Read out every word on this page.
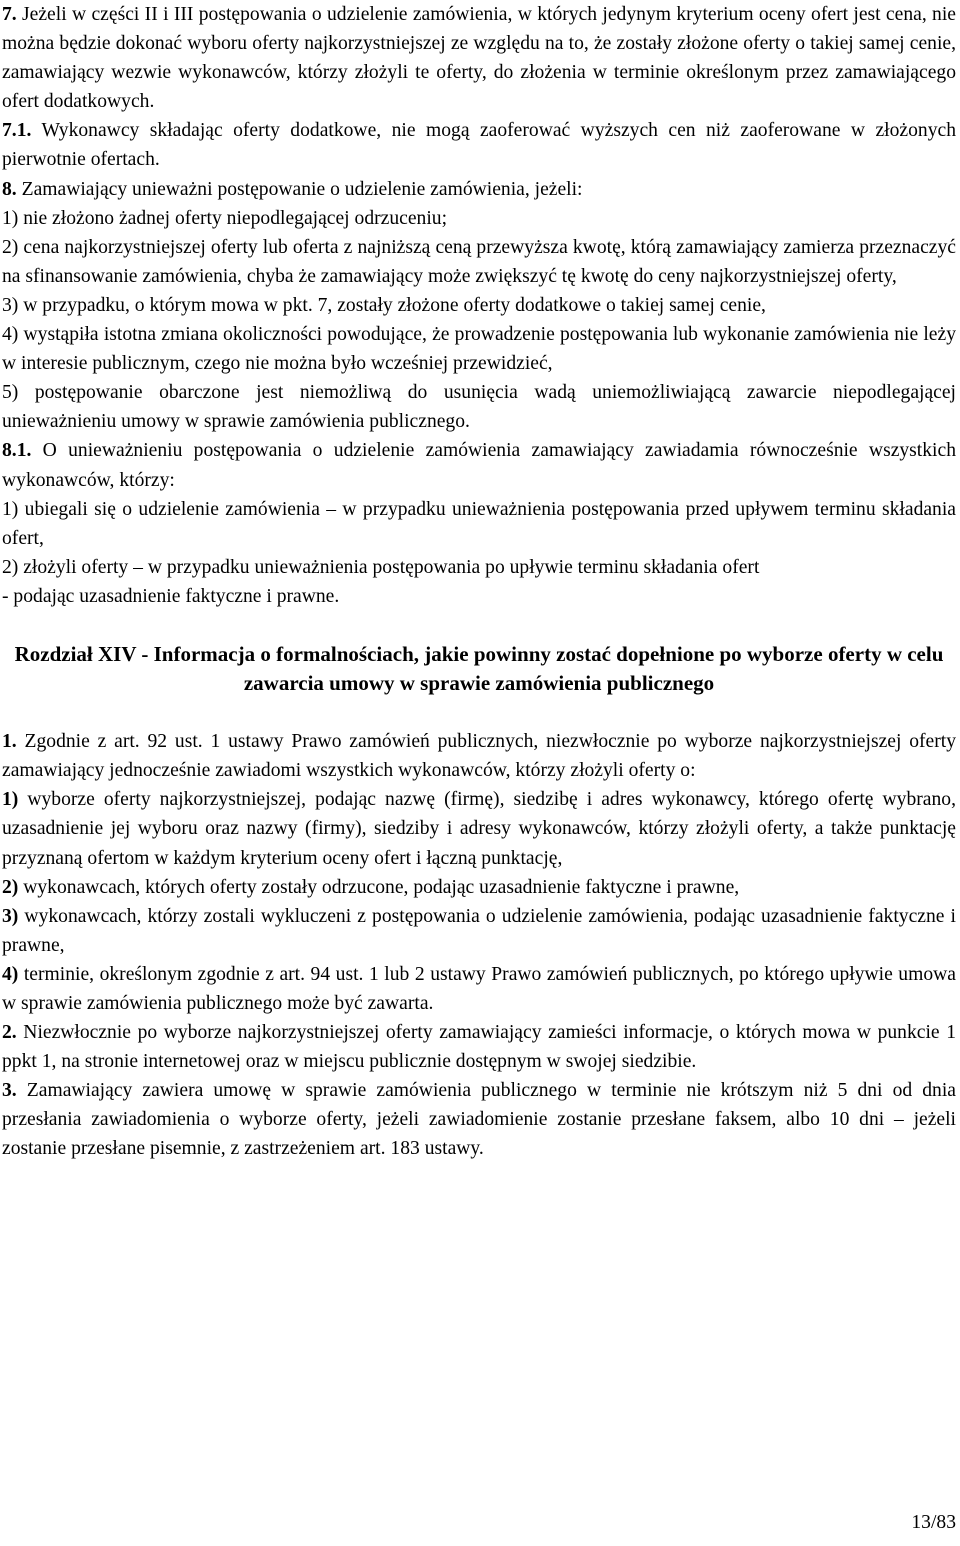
7. Jeżeli w części II i III postępowania o udzielenie zamówienia, w których jedynym kryterium oceny ofert jest cena, nie można będzie dokonać wyboru oferty najkorzystniejszej ze względu na to, że zostały złożone oferty o takiej samej cenie, zamawiający wezwie wykonawców, którzy złożyli te oferty, do złożenia w terminie określonym przez zamawiającego ofert dodatkowych.

7.1. Wykonawcy składając oferty dodatkowe, nie mogą zaoferować wyższych cen niż zaoferowane w złożonych pierwotnie ofertach.

8. Zamawiający unieważni postępowanie o udzielenie zamówienia, jeżeli:

1) nie złożono żadnej oferty niepodlegającej odrzuceniu;

2) cena najkorzystniejszej oferty lub oferta z najniższą ceną przewyższa kwotę, którą zamawiający zamierza przeznaczyć na sfinansowanie zamówienia, chyba że zamawiający może zwiększyć tę kwotę do ceny najkorzystniejszej oferty,

3) w przypadku, o którym mowa w pkt. 7, zostały złożone oferty dodatkowe o takiej samej cenie,

4) wystąpiła istotna zmiana okoliczności powodujące, że prowadzenie postępowania lub wykonanie zamówienia nie leży w interesie publicznym, czego nie można było wcześniej przewidzieć,

5) postępowanie obarczone jest niemożliwą do usunięcia wadą uniemożliwiającą zawarcie niepodlegającej unieważnieniu umowy w sprawie zamówienia publicznego.

8.1. O unieważnieniu postępowania o udzielenie zamówienia zamawiający zawiadamia równocześnie wszystkich wykonawców, którzy:

1) ubiegali się o udzielenie zamówienia – w przypadku unieważnienia postępowania przed upływem terminu składania ofert,

2) złożyli oferty – w przypadku unieważnienia postępowania po upływie terminu składania ofert

- podając uzasadnienie faktyczne i prawne.

Rozdział XIV - Informacja o formalnościach, jakie powinny zostać dopełnione po wyborze oferty w celu zawarcia umowy w sprawie zamówienia publicznego

1. Zgodnie z art. 92 ust. 1 ustawy Prawo zamówień publicznych, niezwłocznie po wyborze najkorzystniejszej oferty zamawiający jednocześnie zawiadomi wszystkich wykonawców, którzy złożyli oferty o:

1) wyborze oferty najkorzystniejszej, podając nazwę (firmę), siedzibę i adres wykonawcy, którego ofertę wybrano, uzasadnienie jej wyboru oraz nazwy (firmy), siedziby i adresy wykonawców, którzy złożyli oferty, a także punktację przyznaną ofertom w każdym kryterium oceny ofert i łączną punktację,

2) wykonawcach, których oferty zostały odrzucone, podając uzasadnienie faktyczne i prawne,

3) wykonawcach, którzy zostali wykluczeni z postępowania o udzielenie zamówienia, podając uzasadnienie faktyczne i prawne,

4) terminie, określonym zgodnie z art. 94 ust. 1 lub 2 ustawy Prawo zamówień publicznych, po którego upływie umowa w sprawie zamówienia publicznego może być zawarta.

2. Niezwłocznie po wyborze najkorzystniejszej oferty zamawiający zamieści informacje, o których mowa w punkcie 1 ppkt 1, na stronie internetowej oraz w miejscu publicznie dostępnym w swojej siedzibie.

3. Zamawiający zawiera umowę w sprawie zamówienia publicznego w terminie nie krótszym niż 5 dni od dnia przesłania zawiadomienia o wyborze oferty, jeżeli zawiadomienie zostanie przesłane faksem, albo 10 dni – jeżeli zostanie przesłane pisemnie, z zastrzeżeniem art. 183 ustawy.

13/83
